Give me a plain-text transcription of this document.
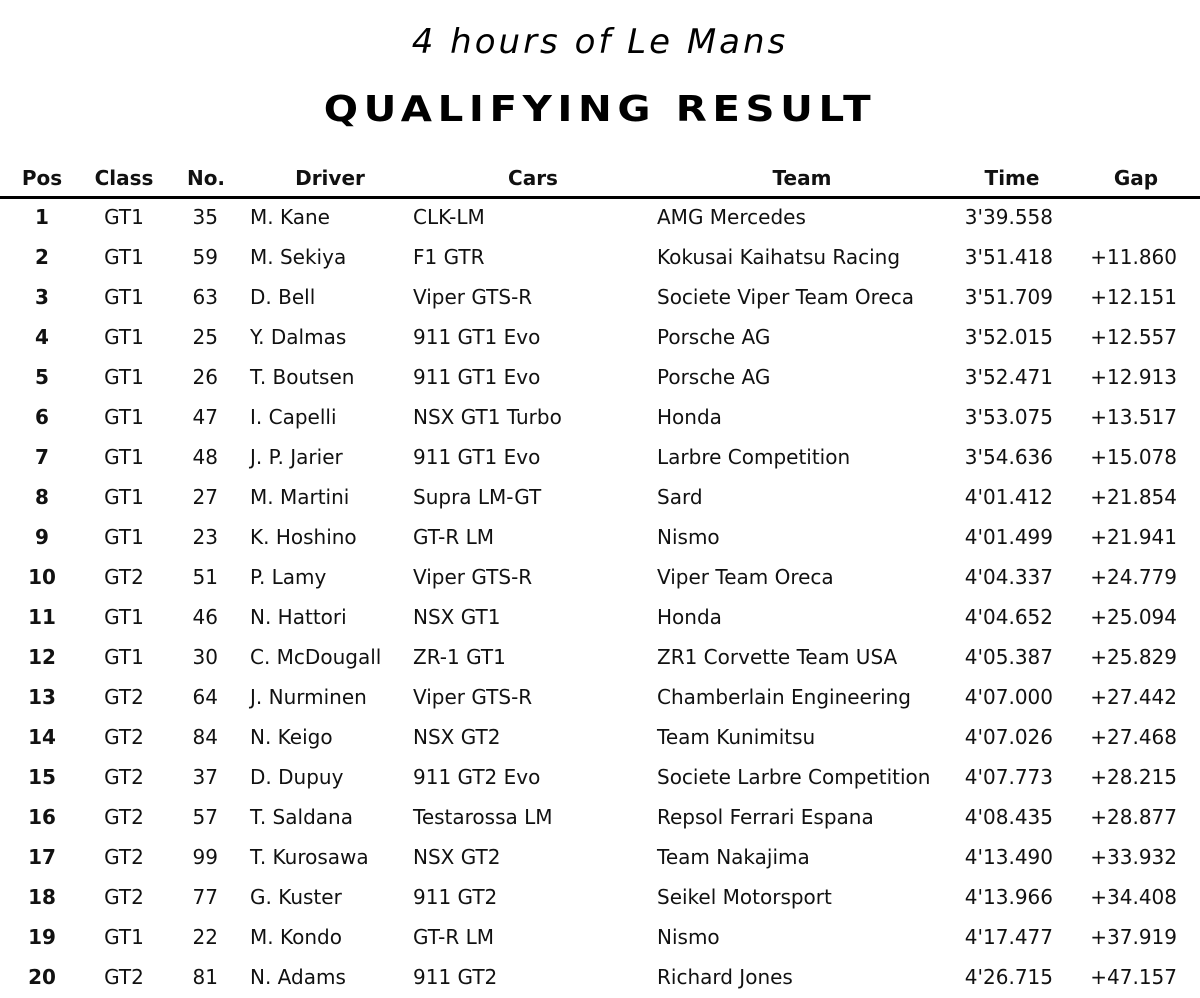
4 hours of Le Mans
QUALIFYING RESULT
Pos	Class	No.	Driver	Cars	Team	Time	Gap
1	GT1	35 M. Kane	CLK-LM	AMG Mercedes	3'39.558
2	GT1	59 M. Sekiya	F1 GTR	Kokusai Kaihatsu Racing	3'51.418	+11.860
3	GT1	63 D. Bell	Viper GTS-R	Societe Viper Team Oreca	3'51.709	+12.151
4	GT1	25 Y. Dalmas	911 GT1 Evo	Porsche AG	3'52.015	+12.557
5	GT1	26 T. Boutsen	911 GT1 Evo	Porsche AG	3'52.471	+12.913
6	GT1	47 I. Capelli	NSX GT1 Turbo	Honda	3'53.075	+13.517
7	GT1	48 J. P. Jarier	911 GT1 Evo	Larbre Competition	3'54.636	+15.078
8	GT1	27 M. Martini	Supra LM-GT	Sard	4'01.412	+21.854
9	GT1	23 K. Hoshino	GT-R LM	Nismo	4'01.499	+21.941
10	GT2	51 P. Lamy	Viper GTS-R	Viper Team Oreca	4'04.337	+24.779
11	GT1	46 N. Hattori	NSX GT1	Honda	4'04.652	+25.094
12	GT1	30 C. McDougall	ZR-1 GT1	ZR1 Corvette Team USA	4'05.387	+25.829
13	GT2	64 J. Nurminen	Viper GTS-R	Chamberlain Engineering	4'07.000	+27.442
14	GT2	84 N. Keigo	NSX GT2	Team Kunimitsu	4'07.026	+27.468
15	GT2	37 D. Dupuy	911 GT2 Evo	Societe Larbre Competition	4'07.773	+28.215
16	GT2	57 T. Saldana	Testarossa LM	Repsol Ferrari Espana	4'08.435	+28.877
17	GT2	99 T. Kurosawa	NSX GT2	Team Nakajima	4'13.490	+33.932
18	GT2	77 G. Kuster	911 GT2	Seikel Motorsport	4'13.966	+34.408
19	GT1	22 M. Kondo	GT-R LM	Nismo	4'17.477	+37.919
20	GT2	81 N. Adams	911 GT2	Richard Jones	4'26.715	+47.157
